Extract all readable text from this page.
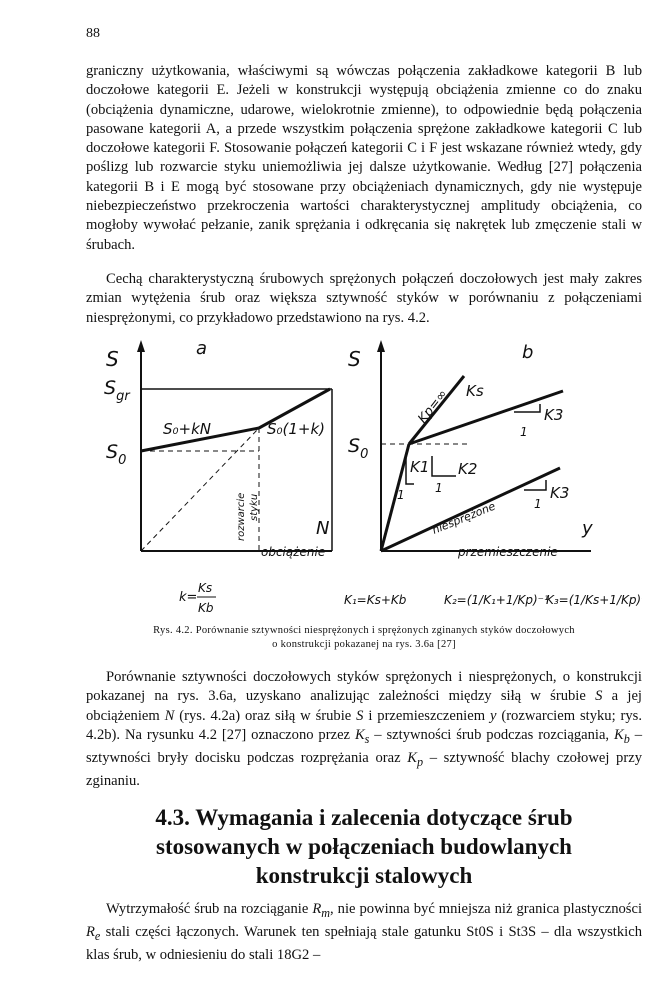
88

graniczny użytkowania, właściwymi są wówczas połączenia zakładkowe kategorii B lub doczołowe kategorii E. Jeżeli w konstrukcji występują obciążenia zmienne co do znaku (obciążenia dynamiczne, udarowe, wielokrotnie zmienne), to odpowiednie będą połączenia pasowane kategorii A, a przede wszystkim połączenia sprężone zakładkowe kategorii C lub doczołowe kategorii F. Stosowanie połączeń kategorii C i F jest wskazane również wtedy, gdy poślizg lub rozwarcie styku uniemożliwia jej dalsze użytkowanie. Według [27] połączenia kategorii B i E mogą być stosowane przy obciążeniach dynamicznych, gdy nie występuje niebezpieczeństwo przekroczenia wartości charakterystycznej amplitudy obciążenia, co mogłoby wywołać pełzanie, zanik sprężania i odkręcania się nakrętek lub zmęczenie stali w śrubach.

Cechą charakterystyczną śrubowych sprężonych połączeń doczołowych jest mały zakres zmian wytężenia śrub oraz większa sztywność styków w porównaniu z połączeniami niesprężonymi, co przykładowo przedstawiono na rys. 4.2.

S	a
$S_{gr}$
$S_0$
S₀+kN	S₀(1+k)
rozwarcie styku
N
obciążenie
k=
Ks
Kb
S	b
$S_0$
Kp=∞ Ks
K3
1
K1 K2
1	1	K3
1
niesprężone	y
przemieszczenie
K₁=Ks+Kb	K₂=(1/K₁+1/Kp)⁻¹
K₃=(1/Ks+1/Kp)⁻¹
Rys. 4.2. Porównanie sztywności niesprężonych i sprężonych zginanych styków doczołowych
o konstrukcji pokazanej na rys. 3.6a [27]

Porównanie sztywności doczołowych styków sprężonych i niesprężonych, o konstrukcji pokazanej na rys. 3.6a, uzyskano analizując zależności między siłą w śrubie S a jej obciążeniem N (rys. 4.2a) oraz siłą w śrubie S i przemieszczeniem y (rozwarciem styku; rys. 4.2b). Na rysunku 4.2 [27] oznaczono przez $K_s$ – sztywności śrub podczas rozciągania, $K_b$ – sztywności bryły docisku podczas rozprężania oraz $K_p$ – sztywność blachy czołowej przy zginaniu.

4.3. Wymagania i zalecenia dotyczące śrub
stosowanych w połączeniach budowlanych
konstrukcji stalowych

Wytrzymałość śrub na rozciąganie $R_m$, nie powinna być mniejsza niż granica plastyczności $R_e$ stali części łączonych. Warunek ten spełniają stale gatunku St0S i St3S – dla wszystkich klas śrub, w odniesieniu do stali 18G2 –
